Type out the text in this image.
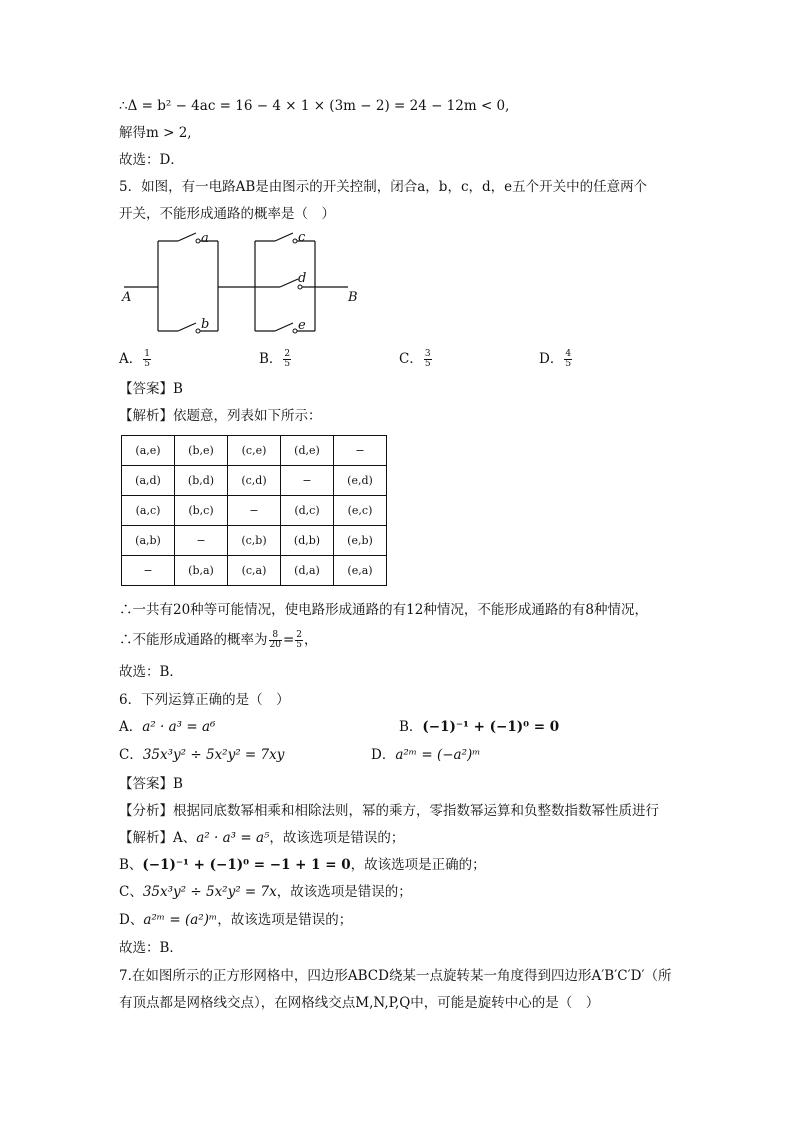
∴Δ = b² − 4ac = 16 − 4 × 1 × (3m − 2) = 24 − 12m < 0,
解得m > 2,
故选：D．
5．如图，有一电路AB是由图示的开关控制，闭合a，b，c，d，e五个开关中的任意两个
开关，不能形成通路的概率是（　）
a
b
c
d
e
A	B
A． $\frac{1}{5}$	B． $\frac{2}{5}$	C． $\frac{3}{5}$	D． $\frac{4}{5}$
【答案】B
【解析】依题意，列表如下所示：
(a,e)	(b,e)	(c,e)	(d,e)	−
(a,d)	(b,d)	(c,d)	−	(e,d)
(a,c)	(b,c)	−	(d,c)	(e,c)
(a,b)	−	(c,b)	(d,b)	(e,b)
−	(b,a)	(c,a)	(d,a)	(e,a)
∴一共有20种等可能情况，使电路形成通路的有12种情况，不能形成通路的有8种情况，
∴不能形成通路的概率为 $\frac{8}{20} = \frac{2}{5}$ ，
故选：B．
6．下列运算正确的是（　）
A．a² · a³ = a⁶	B．(−1)⁻¹ + (−1)⁰ = 0
C．35x³y² ÷ 5x²y² = 7xy	D．a²ᵐ = (−a²)ᵐ
【答案】B
【分析】根据同底数幂相乘和相除法则，幂的乘方，零指数幂运算和负整数指数幂性质进行
【解析】A、a² · a³ = a⁵，故该选项是错误的；
B、(−1)⁻¹ + (−1)⁰ = −1 + 1 = 0，故该选项是正确的；
C、35x³y² ÷ 5x²y² = 7x，故该选项是错误的；
D、a²ᵐ = (a²)ᵐ，故该选项是错误的；
故选：B．
7.在如图所示的正方形网格中，四边形ABCD绕某一点旋转某一角度得到四边形A′B′C′D′（所
有顶点都是网格线交点），在网格线交点M,N,P,Q中，可能是旋转中心的是（　）
